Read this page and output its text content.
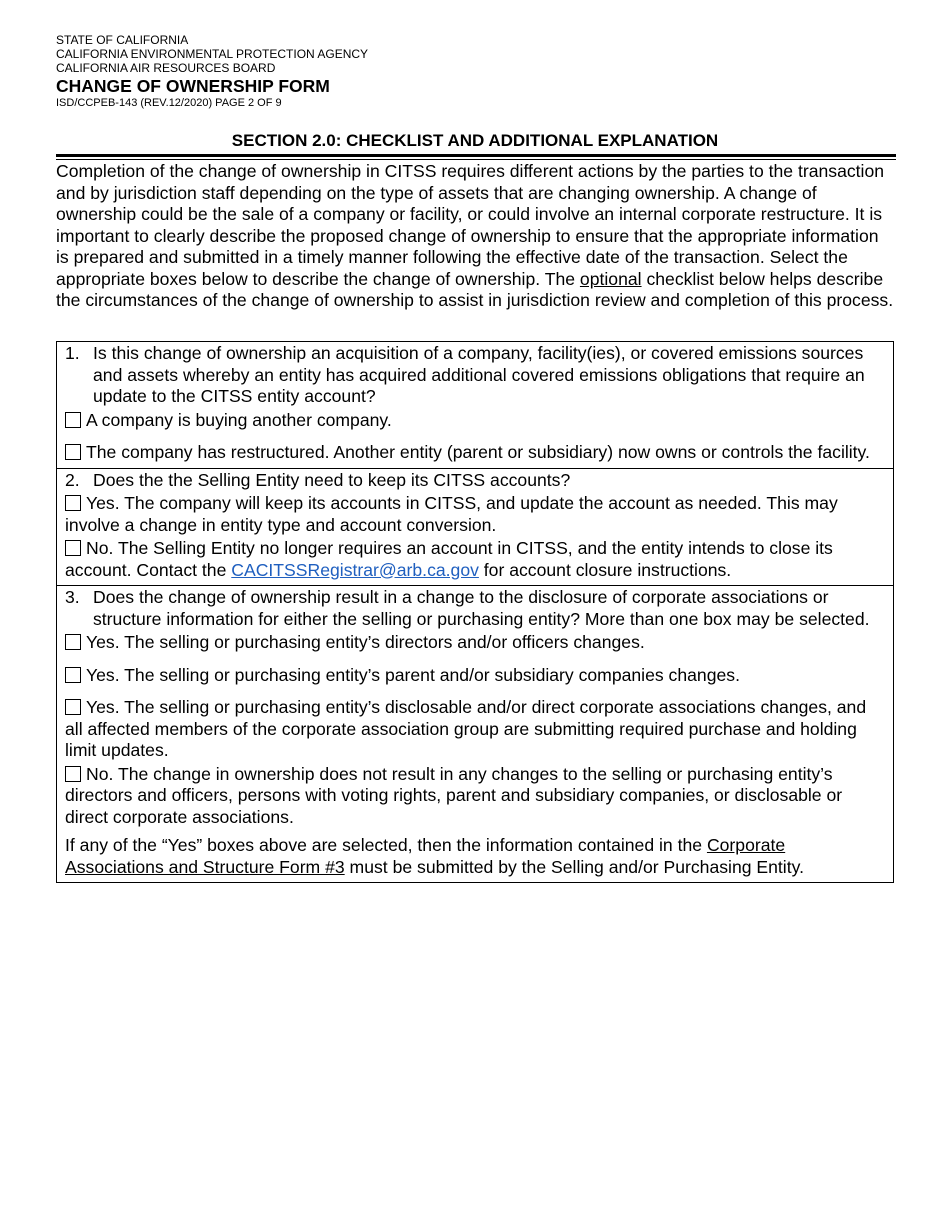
STATE OF CALIFORNIA
CALIFORNIA ENVIRONMENTAL PROTECTION AGENCY
CALIFORNIA AIR RESOURCES BOARD
CHANGE OF OWNERSHIP FORM
ISD/CCPEB-143 (REV.12/2020) PAGE 2 OF 9
SECTION 2.0: CHECKLIST AND ADDITIONAL EXPLANATION
Completion of the change of ownership in CITSS requires different actions by the parties to the transaction and by jurisdiction staff depending on the type of assets that are changing ownership. A change of ownership could be the sale of a company or facility, or could involve an internal corporate restructure. It is important to clearly describe the proposed change of ownership to ensure that the appropriate information is prepared and submitted in a timely manner following the effective date of the transaction. Select the appropriate boxes below to describe the change of ownership. The optional checklist below helps describe the circumstances of the change of ownership to assist in jurisdiction review and completion of this process.
1. Is this change of ownership an acquisition of a company, facility(ies), or covered emissions sources and assets whereby an entity has acquired additional covered emissions obligations that require an update to the CITSS entity account?
A company is buying another company.
The company has restructured. Another entity (parent or subsidiary) now owns or controls the facility.
2. Does the the Selling Entity need to keep its CITSS accounts?
Yes. The company will keep its accounts in CITSS, and update the account as needed. This may involve a change in entity type and account conversion.
No. The Selling Entity no longer requires an account in CITSS, and the entity intends to close its account. Contact the CACITSSRegistrar@arb.ca.gov for account closure instructions.
3. Does the change of ownership result in a change to the disclosure of corporate associations or structure information for either the selling or purchasing entity? More than one box may be selected.
Yes. The selling or purchasing entity’s directors and/or officers changes.
Yes. The selling or purchasing entity’s parent and/or subsidiary companies changes.
Yes. The selling or purchasing entity’s disclosable and/or direct corporate associations changes, and all affected members of the corporate association group are submitting required purchase and holding limit updates.
No. The change in ownership does not result in any changes to the selling or purchasing entity’s directors and officers, persons with voting rights, parent and subsidiary companies, or disclosable or direct corporate associations.
If any of the “Yes” boxes above are selected, then the information contained in the Corporate Associations and Structure Form #3 must be submitted by the Selling and/or Purchasing Entity.
